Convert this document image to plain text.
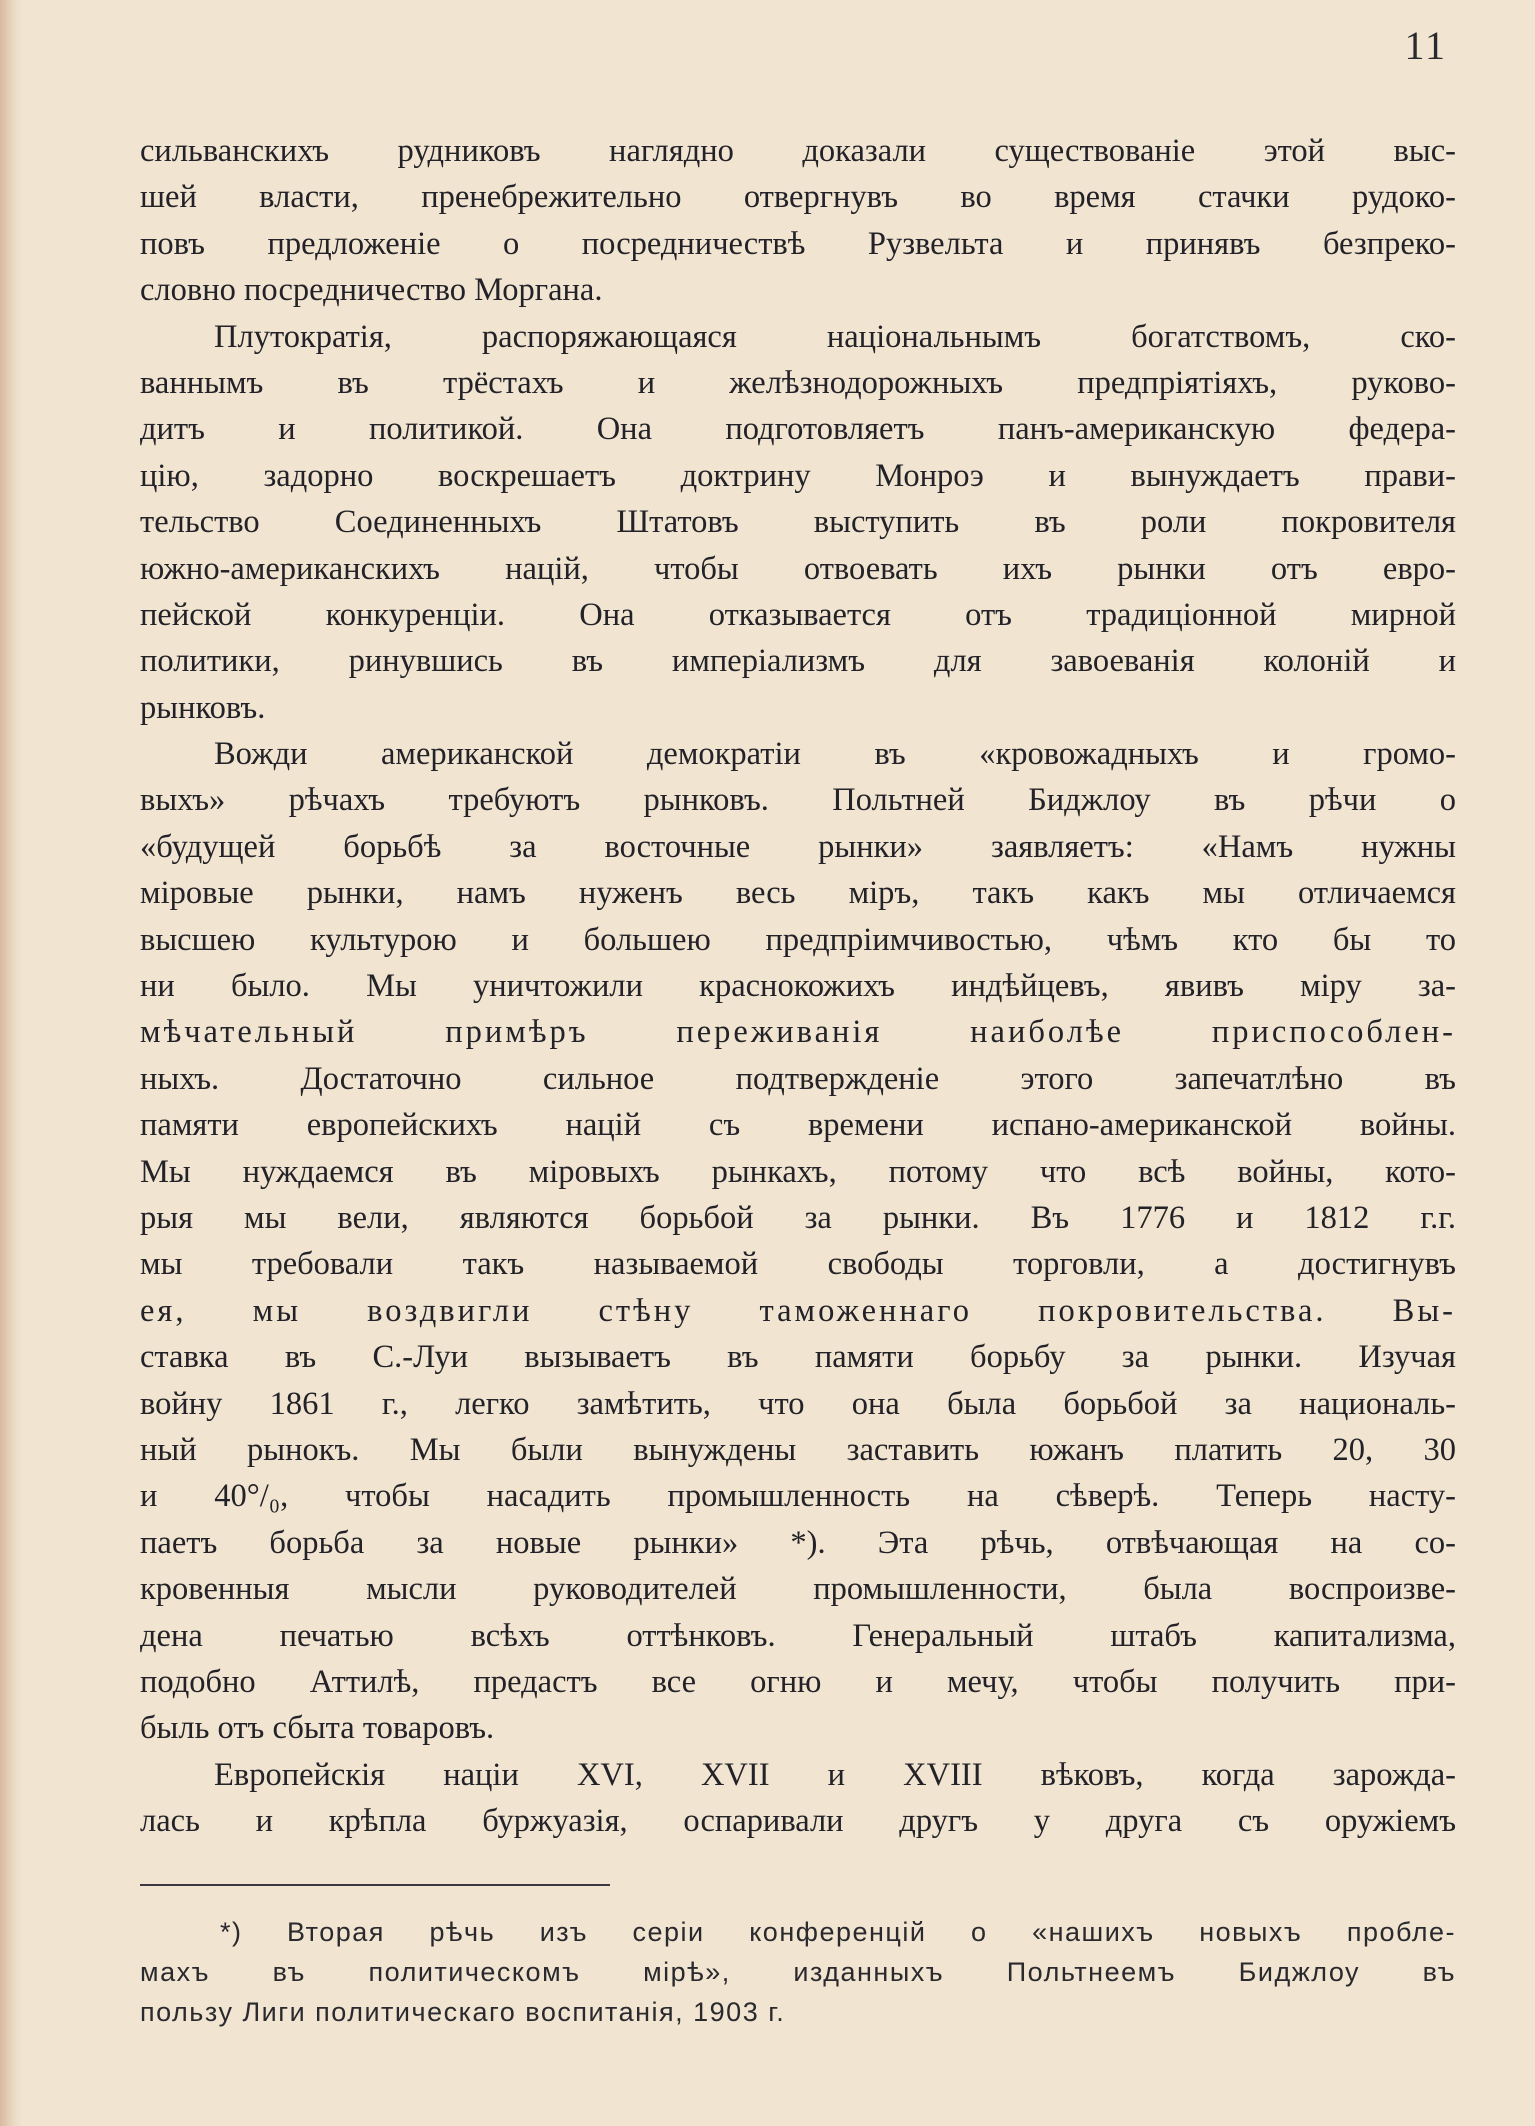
11
сильванскихъ рудниковъ наглядно доказали существованіе этой выс-
шей власти, пренебрежительно отвергнувъ во время стачки рудоко-
повъ предложеніе о посредничествѣ Рузвельта и принявъ безпреко-
словно посредничество Моргана.
Плутократія, распоряжающаяся національнымъ богатствомъ, ско-
ваннымъ въ трёстахъ и желѣзнодорожныхъ предпріятіяхъ, руково-
дитъ и политикой. Она подготовляетъ панъ-американскую федера-
цію, задорно воскрешаетъ доктрину Монроэ и вынуждаетъ прави-
тельство Соединенныхъ Штатовъ выступить въ роли покровителя
южно-американскихъ націй, чтобы отвоевать ихъ рынки отъ евро-
пейской конкуренціи. Она отказывается отъ традиціонной мирной
политики, ринувшись въ имперіализмъ для завоеванія колоній и
рынковъ.
Вожди американской демократіи въ «кровожадныхъ и громо-
выхъ» рѣчахъ требуютъ рынковъ. Польтней Биджлоу въ рѣчи о
«будущей борьбѣ за восточные рынки» заявляетъ: «Намъ нужны
міровые рынки, намъ нуженъ весь міръ, такъ какъ мы отличаемся
высшею культурою и большею предпріимчивостью, чѣмъ кто бы то
ни было. Мы уничтожили краснокожихъ индѣйцевъ, явивъ міру за-
мѣчательный примѣръ переживанія наиболѣе приспособлен-
ныхъ. Достаточно сильное подтвержденіе этого запечатлѣно въ
памяти европейскихъ націй съ времени испано-американской войны.
Мы нуждаемся въ міровыхъ рынкахъ, потому что всѣ войны, кото-
рыя мы вели, являются борьбой за рынки. Въ 1776 и 1812 г.г.
мы требовали такъ называемой свободы торговли, а достигнувъ
ея, мы воздвигли стѣну таможеннаго покровительства. Вы-
ставка въ С.-Луи вызываетъ въ памяти борьбу за рынки. Изучая
войну 1861 г., легко замѣтить, что она была борьбой за националь-
ный рынокъ. Мы были вынуждены заставить южанъ платить 20, 30
и 40°/₀, чтобы насадить промышленность на сѣверѣ. Теперь насту-
паетъ борьба за новые рынки» *). Эта рѣчь, отвѣчающая на со-
кровенныя мысли руководителей промышленности, была воспроизве-
дена печатью всѣхъ оттѣнковъ. Генеральный штабъ капитализма,
подобно Аттилѣ, предастъ все огню и мечу, чтобы получить при-
быль отъ сбыта товаровъ.
Европейскія націи XVI, XVII и XVIII вѣковъ, когда зарожда-
лась и крѣпла буржуазія, оспаривали другъ у друга съ оружіемъ
*) Вторая рѣчь изъ серіи конференцій о «нашихъ новыхъ пробле-
махъ въ политическомъ мірѣ», изданныхъ Польтнеемъ Биджлоу въ
пользу Лиги политическаго воспитанія, 1903 г.
